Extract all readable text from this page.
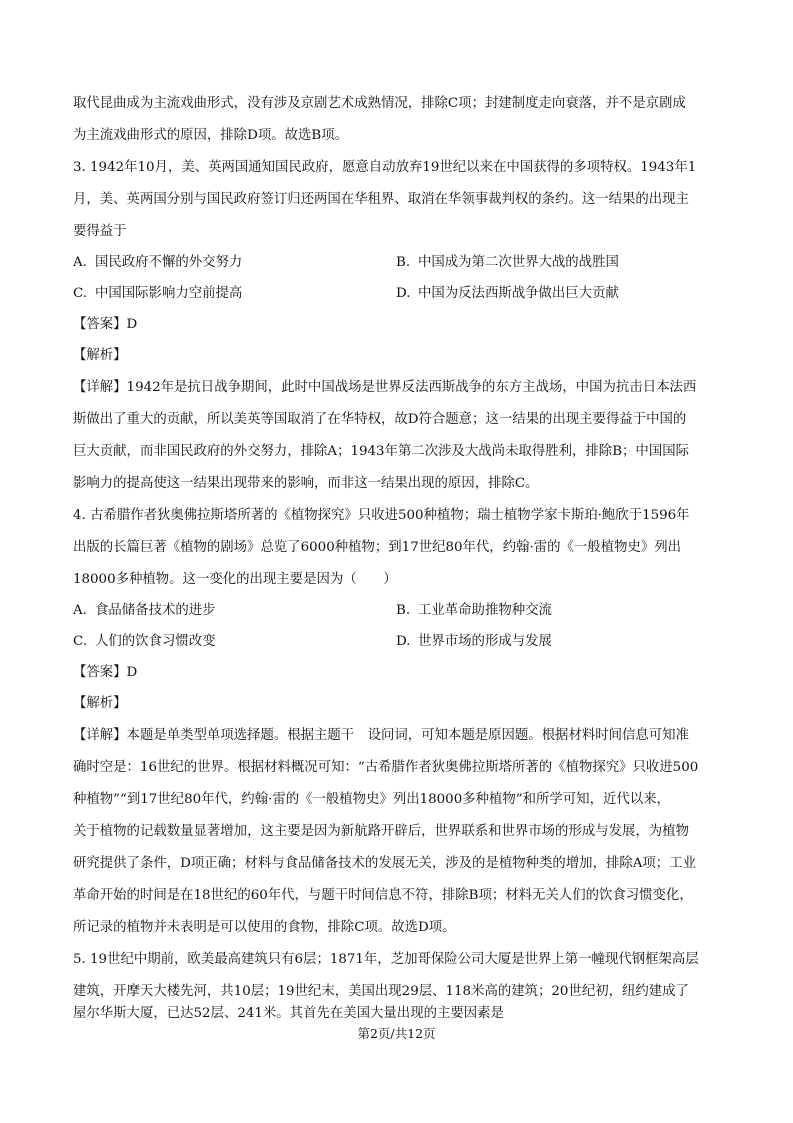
取代昆曲成为主流戏曲形式，没有涉及京剧艺术成熟情况，排除C项；封建制度走向衰落，并不是京剧成
为主流戏曲形式的原因，排除D项。故选B项。
3. 1942年10月，美、英两国通知国民政府，愿意自动放弃19世纪以来在中国获得的多项特权。1943年1
月，美、英两国分别与国民政府签订归还两国在华租界、取消在华领事裁判权的条约。这一结果的出现主
要得益于
A. 国民政府不懈的外交努力	B. 中国成为第二次世界大战的战胜国
C. 中国国际影响力空前提高	D. 中国为反法西斯战争做出巨大贡献
【答案】D
【解析】
【详解】1942年是抗日战争期间，此时中国战场是世界反法西斯战争的东方主战场，中国为抗击日本法西
斯做出了重大的贡献，所以美英等国取消了在华特权，故D符合题意；这一结果的出现主要得益于中国的
巨大贡献，而非国民政府的外交努力，排除A；1943年第二次涉及大战尚未取得胜利，排除B；中国国际
影响力的提高使这一结果出现带来的影响，而非这一结果出现的原因，排除C。
4. 古希腊作者狄奥佛拉斯塔所著的《植物探究》只收进500种植物；瑞士植物学家卡斯珀·鲍欣于1596年
出版的长篇巨著《植物的剧场》总览了6000种植物；到17世纪80年代，约翰·雷的《一般植物史》列出
18000多种植物。这一变化的出现主要是因为（　　）
A. 食品储备技术的进步	B. 工业革命助推物种交流
C. 人们的饮食习惯改变	D. 世界市场的形成与发展
【答案】D
【解析】
【详解】本题是单类型单项选择题。根据主题干　设问词，可知本题是原因题。根据材料时间信息可知准
确时空是：16世纪的世界。根据材料概况可知：“古希腊作者狄奥佛拉斯塔所著的《植物探究》只收进500
种植物”“到17世纪80年代，约翰·雷的《一般植物史》列出18000多种植物”和所学可知，近代以来，
关于植物的记载数量显著增加，这主要是因为新航路开辟后，世界联系和世界市场的形成与发展，为植物
研究提供了条件，D项正确；材料与食品储备技术的发展无关，涉及的是植物种类的增加，排除A项；工业
革命开始的时间是在18世纪的60年代，与题干时间信息不符，排除B项；材料无关人们的饮食习惯变化，
所记录的植物并未表明是可以使用的食物，排除C项。故选D项。
5. 19世纪中期前，欧美最高建筑只有6层；1871年，芝加哥保险公司大厦是世界上第一幢现代钢框架高层
建筑，开摩天大楼先河，共10层；19世纪末，美国出现29层、118米高的建筑；20世纪初，纽约建成了
屋尔华斯大厦，已达52层、241米。其首先在美国大量出现的主要因素是
第2页/共12页
